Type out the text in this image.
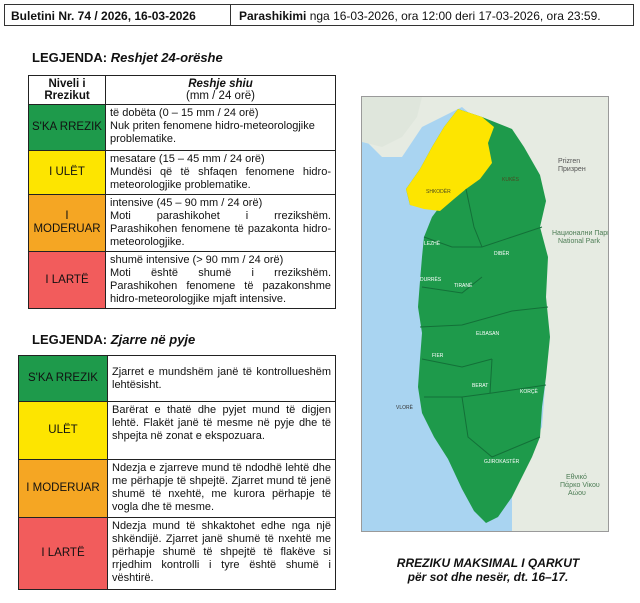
Buletini Nr. 74 / 2026, 16-03-2026	Parashikimi nga 16-03-2026, ora 12:00 deri 17-03-2026, ora 23:59.
LEGJENDA: Reshjet 24-orëshe
Niveli i Rrezikut	Reshje shiu
(mm / 24 orë)
S'KA RREZIK	të dobëta (0 – 15 mm / 24 orë)
Nuk priten fenomene hidro-meteorologjike problematike.
I ULËT	mesatare (15 – 45 mm / 24 orë)
Mundësi që të shfaqen fenomene hidro-meteorologjike problematike.
I MODERUAR	intensive (45 – 90 mm / 24 orë)
Moti parashikohet i rrezikshëm. Parashikohen fenomene të pazakonta hidro-meteorologjike.
I LARTË	shumë intensive (> 90 mm / 24 orë)
Moti është shumë i rrezikshëm. Parashikohen fenomene të pazakonshme hidro-meteorologjike mjaft intensive.
LEGJENDA: Zjarre në pyje
S'KA RREZIK	Zjarret e mundshëm janë të kontrollueshëm lehtësisht.
ULËT	Barërat e thatë dhe pyjet mund të digjen lehtë. Flakët janë të mesme në pyje dhe të shpejta në zonat e ekspozuara.
I MODERUAR	Ndezja e zjarreve mund të ndodhë lehtë dhe me përhapje të shpejtë. Zjarret mund të jenë shumë të nxehtë, me kurora përhapje të vogla dhe të mesme.
I LARTË	Ndezja mund të shkaktohet edhe nga një shkëndijë. Zjarret janë shumë të nxehtë me përhapje shumë të shpejtë të flakëve si rrjedhim kontrolli i tyre është shumë i vështirë.
SHKODËR
KUKËS
LEZHË
DIBËR
DURRËS
TIRANË
ELBASAN
FIER
BERAT
KORÇË
VLORË
GJIROKASTËR
Prizren
Призрен
Национални Парк
National Park
Εθνικό
Πάρκο Vίκου
Αώου
RREZIKU MAKSIMAL I QARKUT
për sot dhe nesër, dt. 16–17.
